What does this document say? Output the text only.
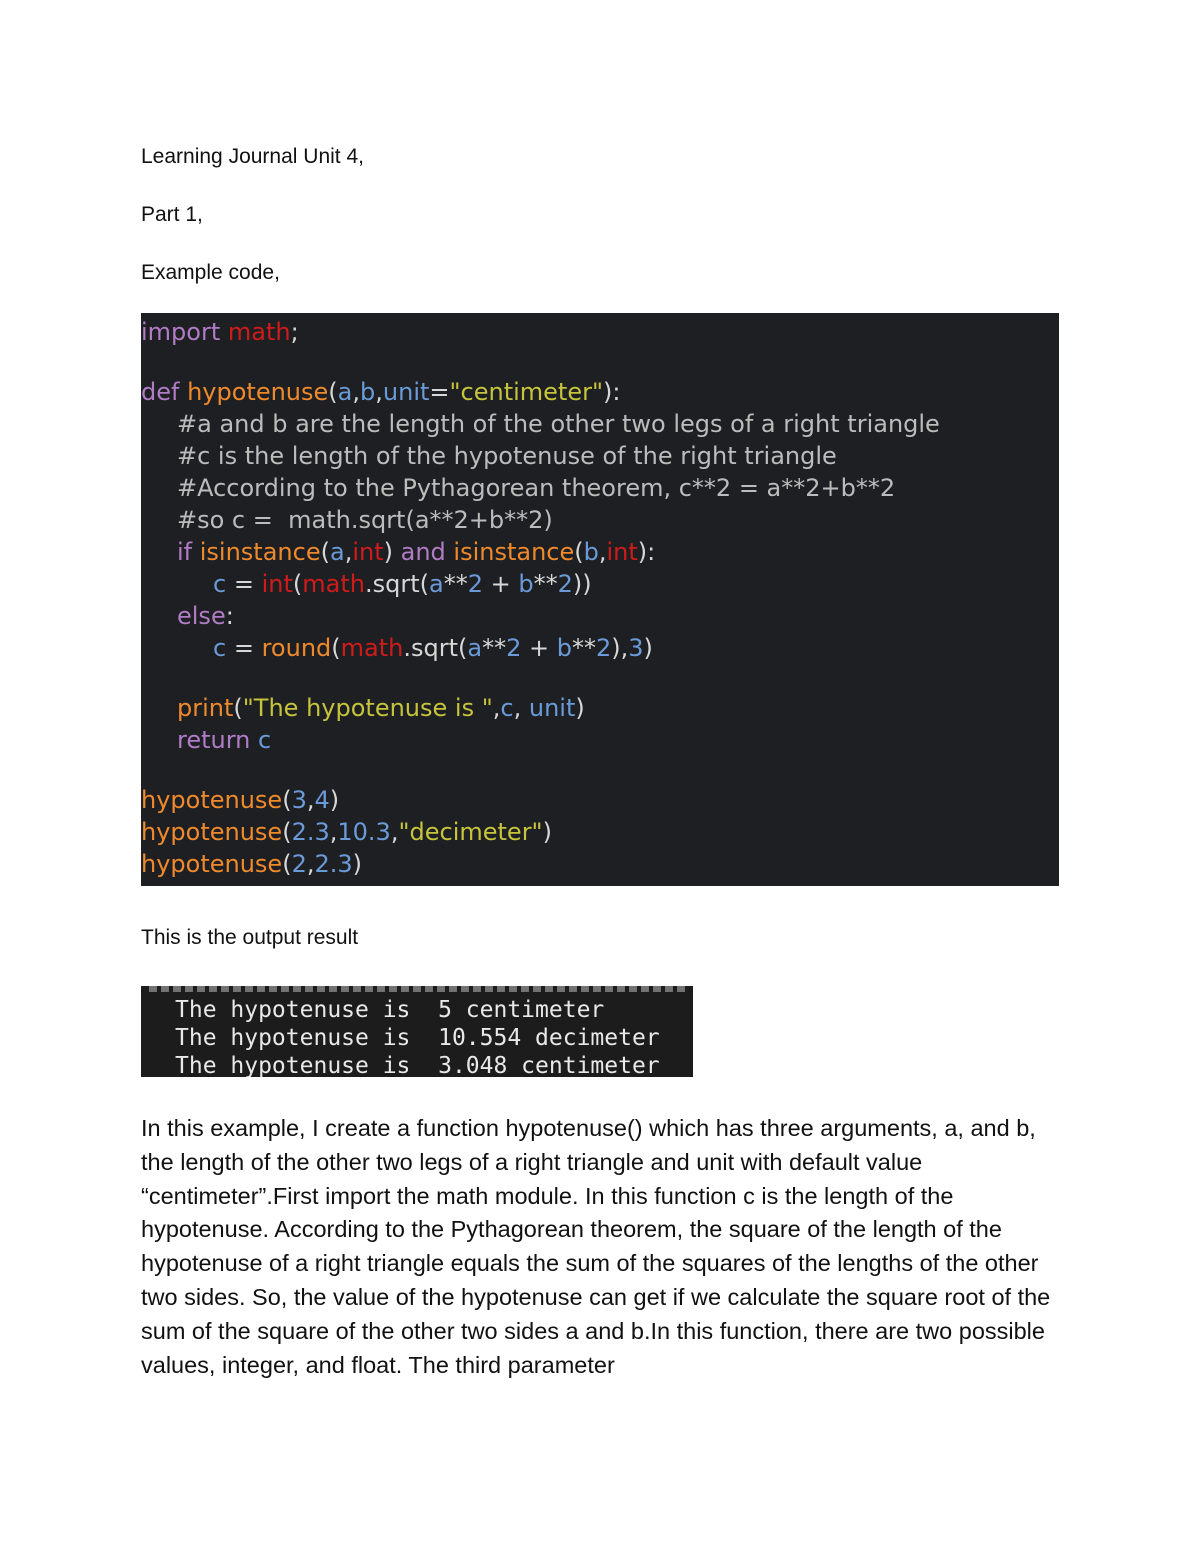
Learning Journal Unit 4,
Part 1,
Example code,
import math;

def hypotenuse(a,b,unit="centimeter"):
#a and b are the length of the other two legs of a right triangle
#c is the length of the hypotenuse of the right triangle
#According to the Pythagorean theorem, c**2 = a**2+b**2
#so c =  math.sqrt(a**2+b**2)
if isinstance(a,int) and isinstance(b,int):
c = int(math.sqrt(a**2 + b**2))
else:
c = round(math.sqrt(a**2 + b**2),3)

print("The hypotenuse is ",c, unit)
return c

hypotenuse(3,4)
hypotenuse(2.3,10.3,"decimeter")
hypotenuse(2,2.3)
This is the output result
The hypotenuse is  5 centimeter
The hypotenuse is  10.554 decimeter
The hypotenuse is  3.048 centimeter

In this example, I create a function hypotenuse() which has three arguments, a, and b, the length of the other two legs of a right triangle and unit with default value “centimeter”.First import the math module. In this function c is the length of the hypotenuse. According to the Pythagorean theorem, the square of the length of the hypotenuse of a right triangle equals the sum of the squares of the lengths of the other two sides. So, the value of the hypotenuse can get if we calculate the square root of the sum of the square of the other two sides a and b.In this function, there are two possible values, integer, and float. The third parameter
